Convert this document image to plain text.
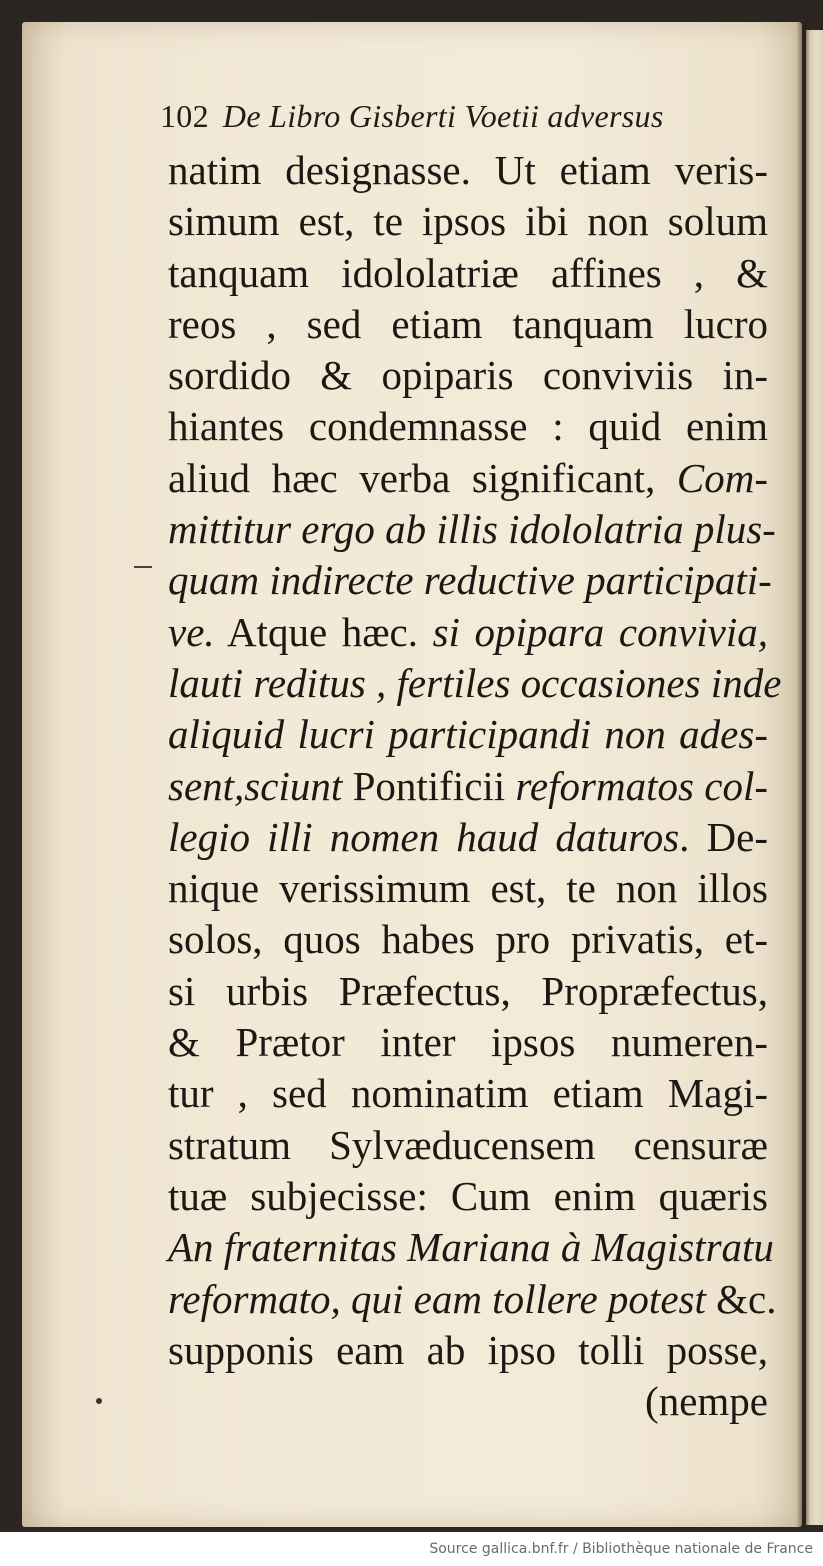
102 De Libro Gisberti Voetii adversus
natim designasse. Ut etiam veris-
simum est, te ipsos ibi non solum
tanquam idololatriæ affines , &
reos , sed etiam tanquam lucro
sordido & opiparis conviviis in-
hiantes condemnasse : quid enim
aliud hæc verba significant, Com-
mittitur ergo ab illis idololatria plus-
quam indirecte reductive participati-
ve. Atque hæc. si opipara convivia,
lauti reditus , fertiles occasiones inde
aliquid lucri participandi non ades-
sent,sciunt Pontificii reformatos col-
legio illi nomen haud daturos. De-
nique verissimum est, te non illos
solos, quos habes pro privatis, et-
si urbis Præfectus, Propræfectus,
& Prætor inter ipsos numeren-
tur , sed nominatim etiam Magi-
stratum Sylvæducensem censuræ
tuæ subjecisse: Cum enim quæris
An fraternitas Mariana à Magistratu
reformato, qui eam tollere potest &c.
supponis eam ab ipso tolli posse,
(nempe
Source gallica.bnf.fr / Bibliothèque nationale de France
